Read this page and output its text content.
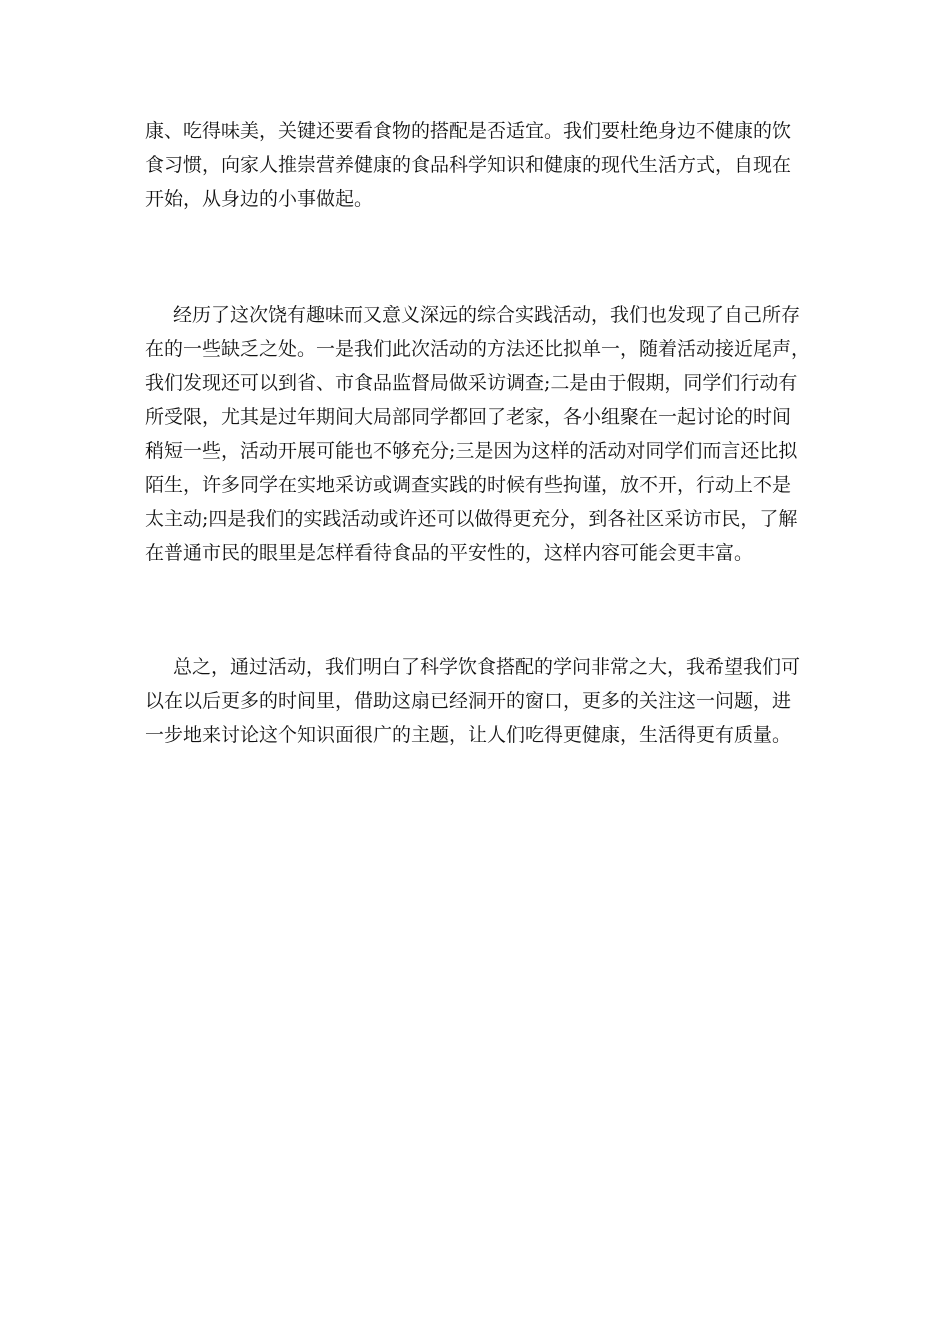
康、吃得味美，关键还要看食物的搭配是否适宜。我们要杜绝身边不健康的饮
食习惯，向家人推崇营养健康的食品科学知识和健康的现代生活方式，自现在
开始，从身边的小事做起。
经历了这次饶有趣味而又意义深远的综合实践活动，我们也发现了自己所存
在的一些缺乏之处。一是我们此次活动的方法还比拟单一，随着活动接近尾声，
我们发现还可以到省、市食品监督局做采访调查;二是由于假期，同学们行动有
所受限，尤其是过年期间大局部同学都回了老家，各小组聚在一起讨论的时间
稍短一些，活动开展可能也不够充分;三是因为这样的活动对同学们而言还比拟
陌生，许多同学在实地采访或调查实践的时候有些拘谨，放不开，行动上不是
太主动;四是我们的实践活动或许还可以做得更充分，到各社区采访市民，了解
在普通市民的眼里是怎样看待食品的平安性的，这样内容可能会更丰富。
总之，通过活动，我们明白了科学饮食搭配的学问非常之大，我希望我们可
以在以后更多的时间里，借助这扇已经洞开的窗口，更多的关注这一问题，进
一步地来讨论这个知识面很广的主题，让人们吃得更健康，生活得更有质量。
